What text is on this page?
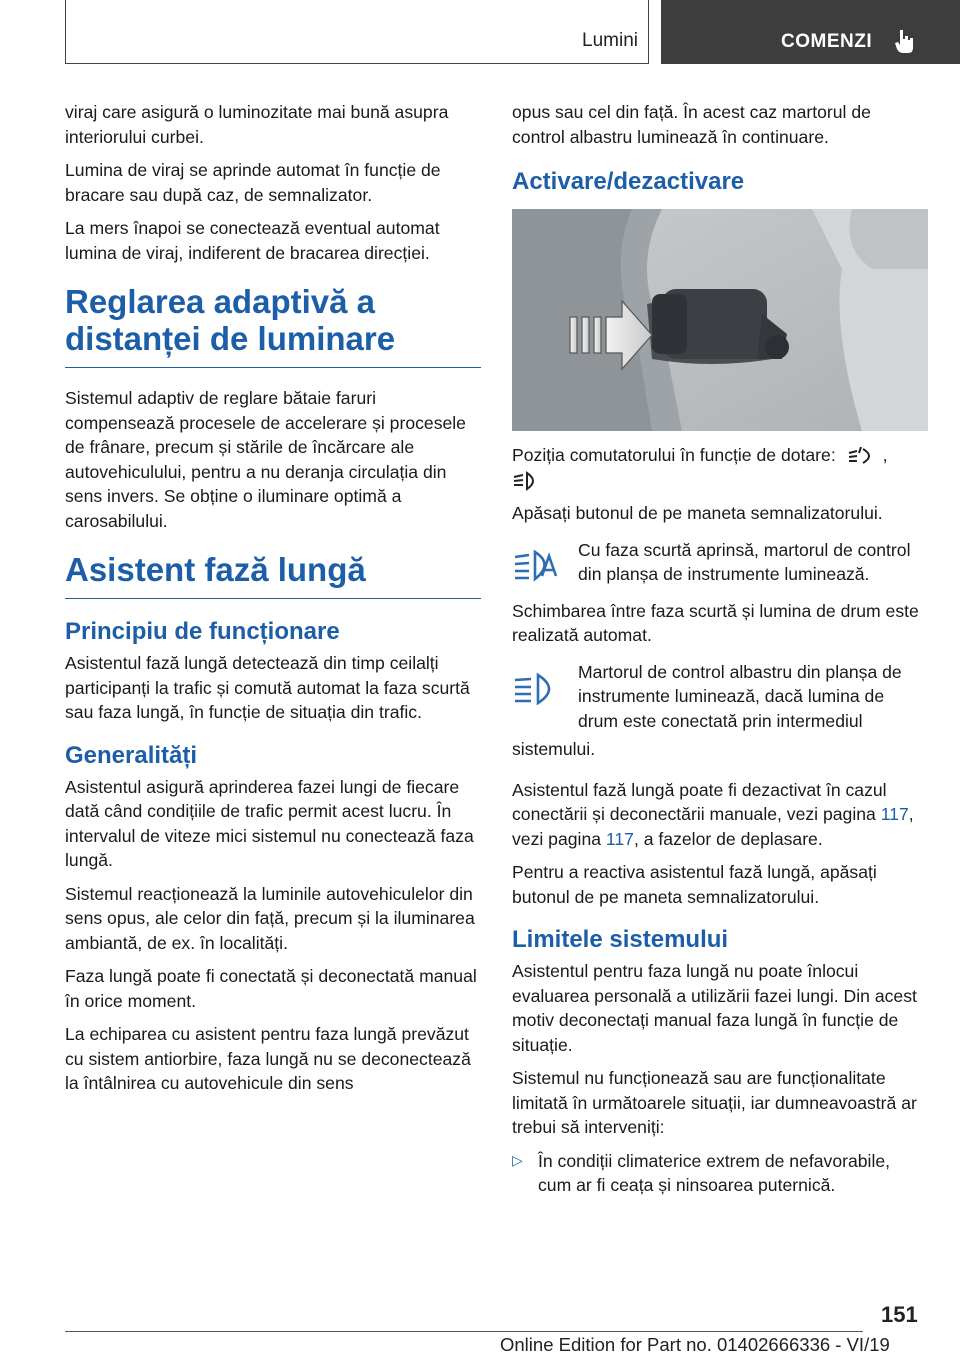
Lumini	COMENZI

viraj care asigură o luminozitate mai bună asupra interiorului curbei.

Lumina de viraj se aprinde automat în funcție de bracare sau după caz, de semnalizator.

La mers înapoi se conectează eventual automat lumina de viraj, indiferent de bracarea direcției.

Reglarea adaptivă a
distanței de luminare

Sistemul adaptiv de reglare bătaie faruri compensează procesele de accelerare și procesele de frânare, precum și stările de încărcare ale autovehiculului, pentru a nu deranja circulația din sens invers. Se obține o iluminare optimă a carosabilului.

Asistent fază lungă
Principiu de funcționare

Asistentul fază lungă detectează din timp ceilalți participanți la trafic și comută automat la faza scurtă sau faza lungă, în funcție de situația din trafic.

Generalități

Asistentul asigură aprinderea fazei lungi de fiecare dată când condițiile de trafic permit acest lucru. În intervalul de viteze mici sistemul nu conectează faza lungă.

Sistemul reacționează la luminile autovehiculelor din sens opus, ale celor din față, precum și la iluminarea ambiantă, de ex. în localități.

Faza lungă poate fi conectată și deconectată manual în orice moment.

La echiparea cu asistent pentru faza lungă prevăzut cu sistem antiorbire, faza lungă nu se deconectează la întâlnirea cu autovehicule din sens

opus sau cel din față. În acest caz martorul de control albastru luminează în continuare.

Activare/dezactivare

Poziția comutatorului în funcție de dotare:	,

Apăsați butonul de pe maneta semnalizatorului.

Cu faza scurtă aprinsă, martorul de control din planșa de instrumente luminează.

Schimbarea între faza scurtă și lumina de drum este realizată automat.

Martorul de control albastru din planșa de instrumente luminează, dacă lumina de drum este conectată prin intermediul

sistemului.

Asistentul fază lungă poate fi dezactivat în cazul conectării și deconectării manuale, vezi pagina 117, vezi pagina 117, a fazelor de deplasare.

Pentru a reactiva asistentul fază lungă, apăsați butonul de pe maneta semnalizatorului.

Limitele sistemului

Asistentul pentru faza lungă nu poate înlocui evaluarea personală a utilizării fazei lungi. Din acest motiv deconectați manual faza lungă în funcție de situație.

Sistemul nu funcționează sau are funcționalitate limitată în următoarele situații, iar dumneavoastră ar trebui să interveniți:

▷ În condiții climaterice extrem de nefavorabile, cum ar fi ceața și ninsoarea puternică.

151
Online Edition for Part no. 01402666336 - VI/19
